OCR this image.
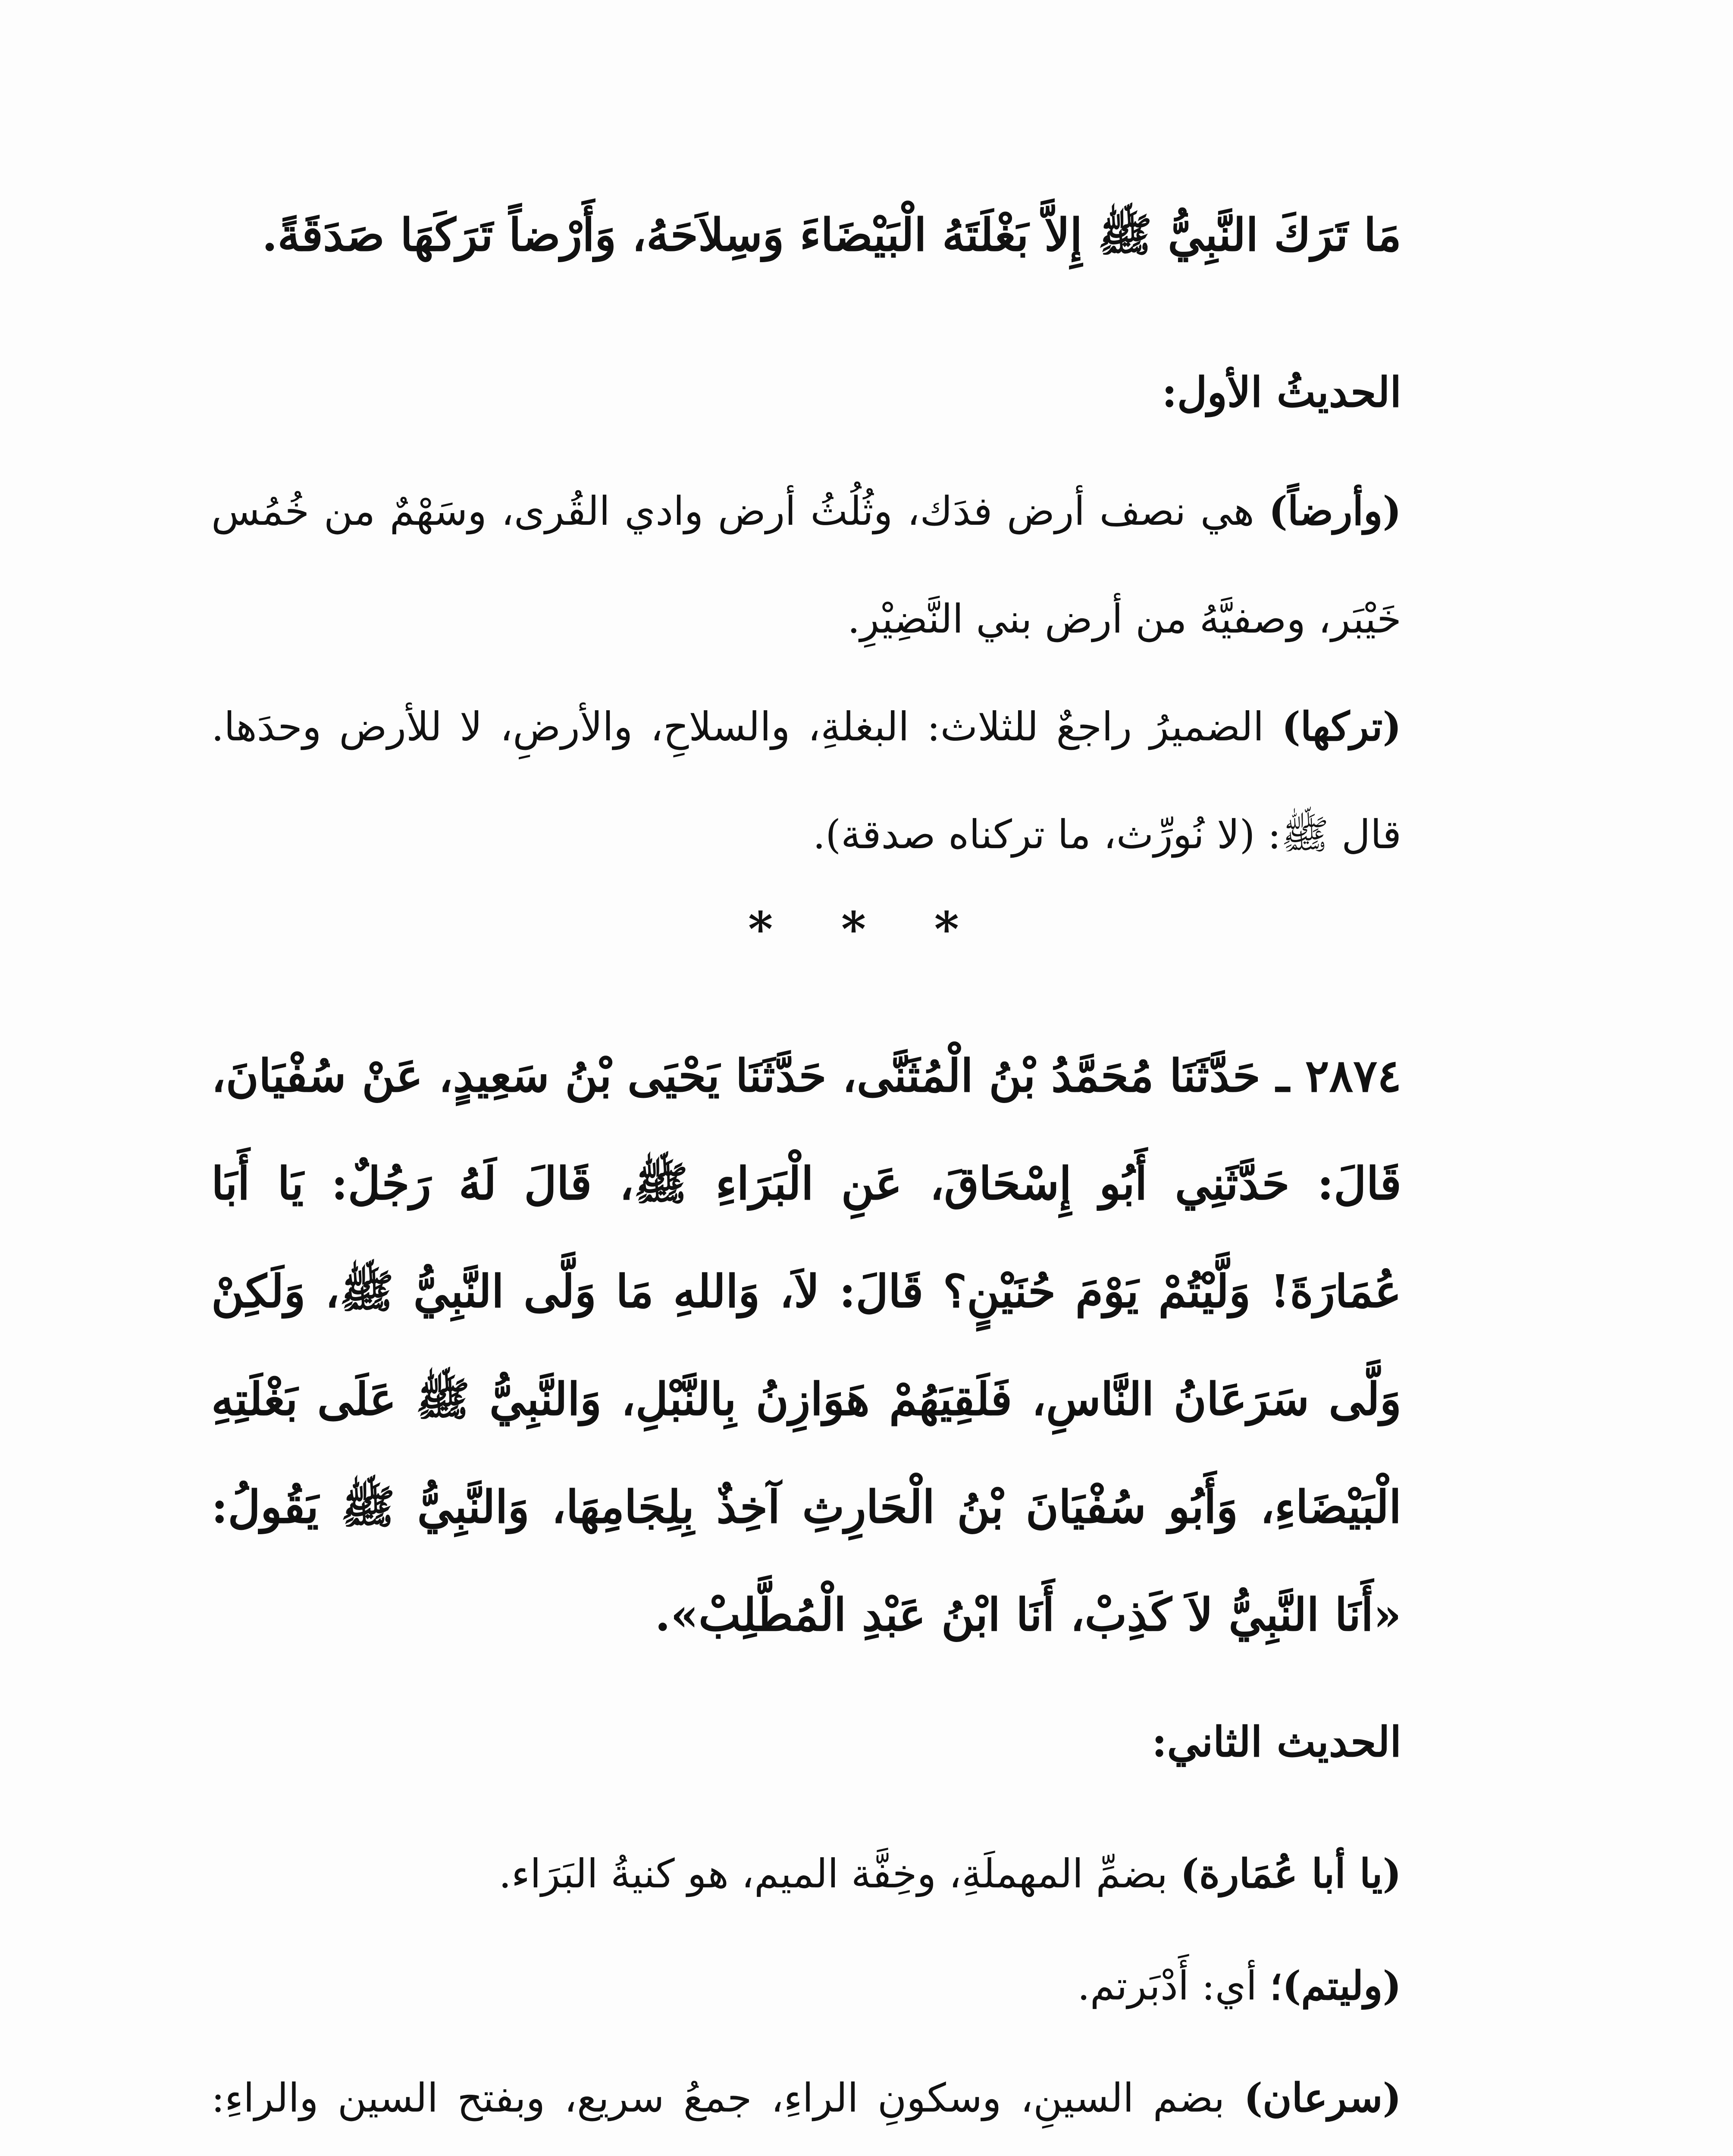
مَا تَرَكَ النَّبِيُّ ﷺ إِلاَّ بَغْلَتَهُ الْبَيْضَاءَ وَسِلاَحَهُ، وَأَرْضاً تَرَكَهَا صَدَقَةً.
الحديثُ الأول:
(وأرضاً) هي نصف أرض فدَك، وثُلُثُ أرض وادي القُرى، وسَهْمٌ من خُمُس خَيْبَر، وصفيَّهُ من أرض بني النَّضِيْرِ.
(تركها) الضميرُ راجعٌ للثلاث: البغلةِ، والسلاحِ، والأرضِ، لا للأرض وحدَها. قال ﷺ: (لا نُورِّث، ما تركناه صدقة).
* * *
٢٨٧٤ ـ حَدَّثَنَا مُحَمَّدُ بْنُ الْمُثَنَّى، حَدَّثَنَا يَحْيَى بْنُ سَعِيدٍ، عَنْ سُفْيَانَ، قَالَ: حَدَّثَنِي أَبُو إِسْحَاقَ، عَنِ الْبَرَاءِ ﷺ، قَالَ لَهُ رَجُلٌ: يَا أَبَا عُمَارَةَ! وَلَّيْتُمْ يَوْمَ حُنَيْنٍ؟ قَالَ: لاَ، وَاللهِ مَا وَلَّى النَّبِيُّ ﷺ، وَلَكِنْ وَلَّى سَرَعَانُ النَّاسِ، فَلَقِيَهُمْ هَوَازِنُ بِالنَّبْلِ، وَالنَّبِيُّ ﷺ عَلَى بَغْلَتِهِ الْبَيْضَاءِ، وَأَبُو سُفْيَانَ بْنُ الْحَارِثِ آخِذٌ بِلِجَامِهَا، وَالنَّبِيُّ ﷺ يَقُولُ: «أَنَا النَّبِيُّ لاَ كَذِبْ، أَنَا ابْنُ عَبْدِ الْمُطَّلِبْ».
الحديث الثاني:
(يا أبا عُمَارة) بضمِّ المهملَةِ، وخِفَّة الميم، هو كنيةُ البَرَاء.
(وليتم)؛ أي: أَدْبَرتم.
(سرعان) بضم السينِ، وسكونِ الراءِ، جمعُ سريع، وبفتح السين والراءِ:
